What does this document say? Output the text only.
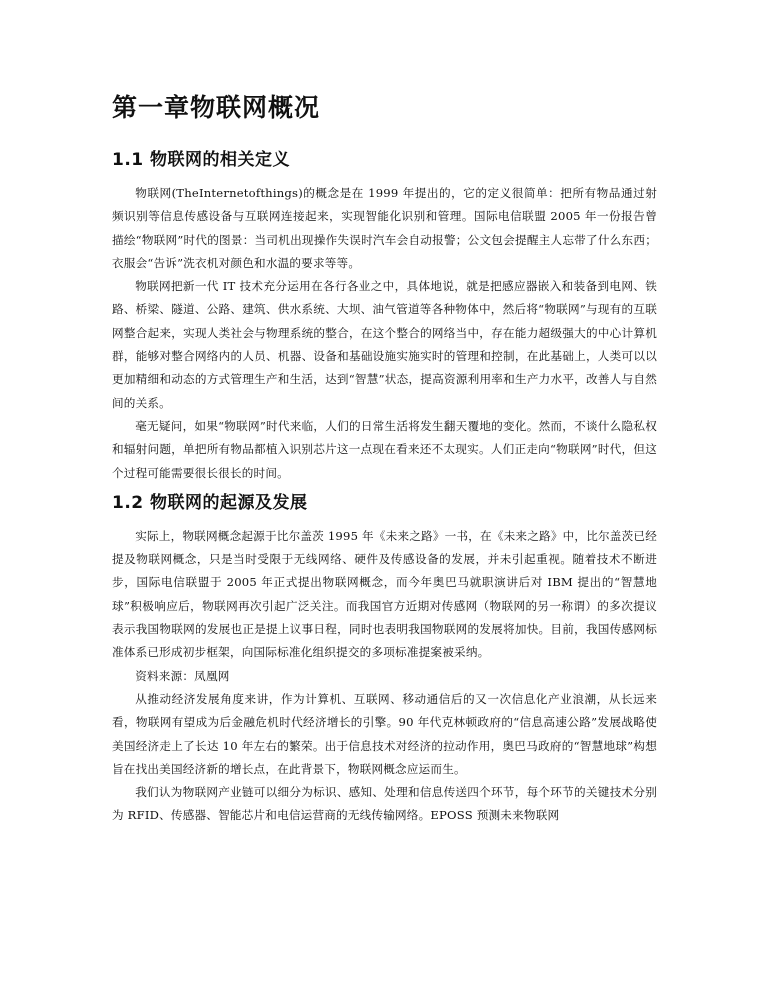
第一章物联网概况
1.1 物联网的相关定义

物联网(TheInternetofthings)的概念是在 1999 年提出的，它的定义很简单：把所有物品通过射频识别等信息传感设备与互联网连接起来，实现智能化识别和管理。国际电信联盟 2005 年一份报告曾描绘“物联网”时代的图景：当司机出现操作失误时汽车会自动报警；公文包会提醒主人忘带了什么东西；衣服会“告诉”洗衣机对颜色和水温的要求等等。

物联网把新一代 IT 技术充分运用在各行各业之中，具体地说，就是把感应器嵌入和装备到电网、铁路、桥梁、隧道、公路、建筑、供水系统、大坝、油气管道等各种物体中，然后将“物联网”与现有的互联网整合起来，实现人类社会与物理系统的整合，在这个整合的网络当中，存在能力超级强大的中心计算机群，能够对整合网络内的人员、机器、设备和基础设施实施实时的管理和控制，在此基础上，人类可以以更加精细和动态的方式管理生产和生活，达到“智慧”状态，提高资源利用率和生产力水平，改善人与自然间的关系。

毫无疑问，如果“物联网”时代来临，人们的日常生活将发生翻天覆地的变化。然而，不谈什么隐私权和辐射问题，单把所有物品都植入识别芯片这一点现在看来还不太现实。人们正走向“物联网”时代，但这个过程可能需要很长很长的时间。

1.2 物联网的起源及发展

实际上，物联网概念起源于比尔盖茨 1995 年《未来之路》一书，在《未来之路》中，比尔盖茨已经提及物联网概念，只是当时受限于无线网络、硬件及传感设备的发展，并未引起重视。随着技术不断进步，国际电信联盟于 2005 年正式提出物联网概念，而今年奥巴马就职演讲后对 IBM 提出的“智慧地球”积极响应后，物联网再次引起广泛关注。而我国官方近期对传感网（物联网的另一称谓）的多次提议表示我国物联网的发展也正是提上议事日程，同时也表明我国物联网的发展将加快。目前，我国传感网标准体系已形成初步框架，向国际标准化组织提交的多项标准提案被采纳。

资料来源：凤凰网

从推动经济发展角度来讲，作为计算机、互联网、移动通信后的又一次信息化产业浪潮，从长远来看，物联网有望成为后金融危机时代经济增长的引擎。90 年代克林顿政府的“信息高速公路”发展战略使美国经济走上了长达 10 年左右的繁荣。出于信息技术对经济的拉动作用，奥巴马政府的“智慧地球”构想旨在找出美国经济新的增长点，在此背景下，物联网概念应运而生。

我们认为物联网产业链可以细分为标识、感知、处理和信息传送四个环节，每个环节的关键技术分别为 RFID、传感器、智能芯片和电信运营商的无线传输网络。EPOSS 预测未来物联网
